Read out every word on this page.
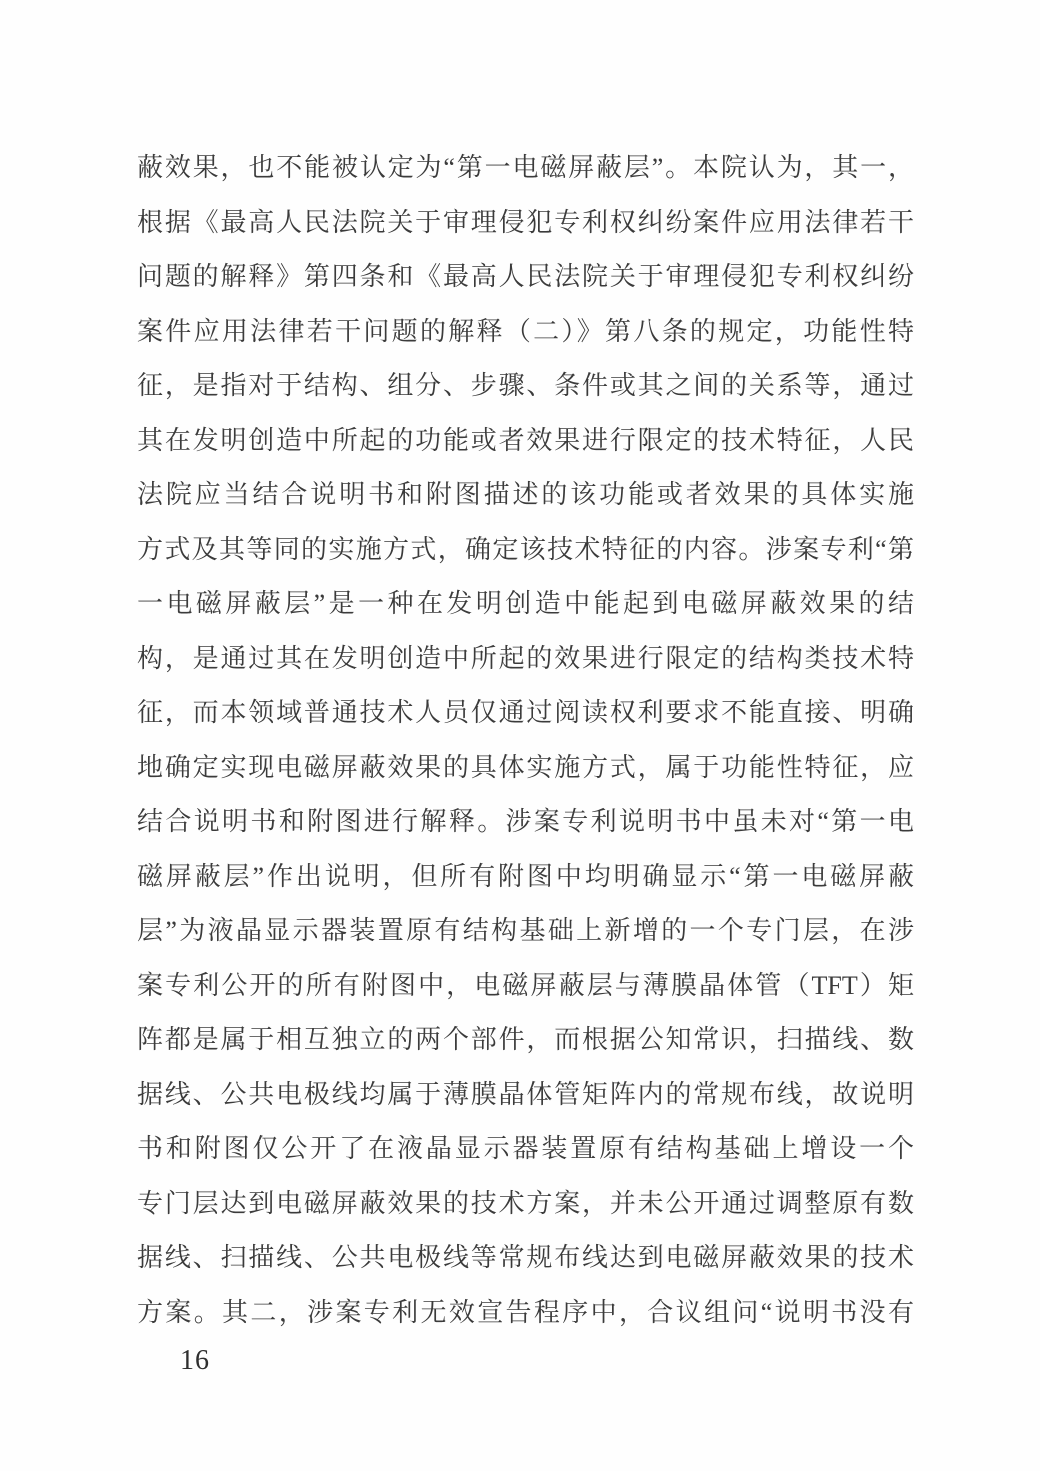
蔽效果，也不能被认定为“第一电磁屏蔽层”。本院认为，其一，
根据《最高人民法院关于审理侵犯专利权纠纷案件应用法律若干
问题的解释》第四条和《最高人民法院关于审理侵犯专利权纠纷
案件应用法律若干问题的解释（二）》第八条的规定，功能性特
征，是指对于结构、组分、步骤、条件或其之间的关系等，通过
其在发明创造中所起的功能或者效果进行限定的技术特征，人民
法院应当结合说明书和附图描述的该功能或者效果的具体实施
方式及其等同的实施方式，确定该技术特征的内容。涉案专利“第
一电磁屏蔽层”是一种在发明创造中能起到电磁屏蔽效果的结
构，是通过其在发明创造中所起的效果进行限定的结构类技术特
征，而本领域普通技术人员仅通过阅读权利要求不能直接、明确
地确定实现电磁屏蔽效果的具体实施方式，属于功能性特征，应
结合说明书和附图进行解释。涉案专利说明书中虽未对“第一电
磁屏蔽层”作出说明，但所有附图中均明确显示“第一电磁屏蔽
层”为液晶显示器装置原有结构基础上新增的一个专门层，在涉
案专利公开的所有附图中，电磁屏蔽层与薄膜晶体管（TFT）矩
阵都是属于相互独立的两个部件，而根据公知常识，扫描线、数
据线、公共电极线均属于薄膜晶体管矩阵内的常规布线，故说明
书和附图仅公开了在液晶显示器装置原有结构基础上增设一个
专门层达到电磁屏蔽效果的技术方案，并未公开通过调整原有数
据线、扫描线、公共电极线等常规布线达到电磁屏蔽效果的技术
方案。其二，涉案专利无效宣告程序中，合议组问“说明书没有
16
